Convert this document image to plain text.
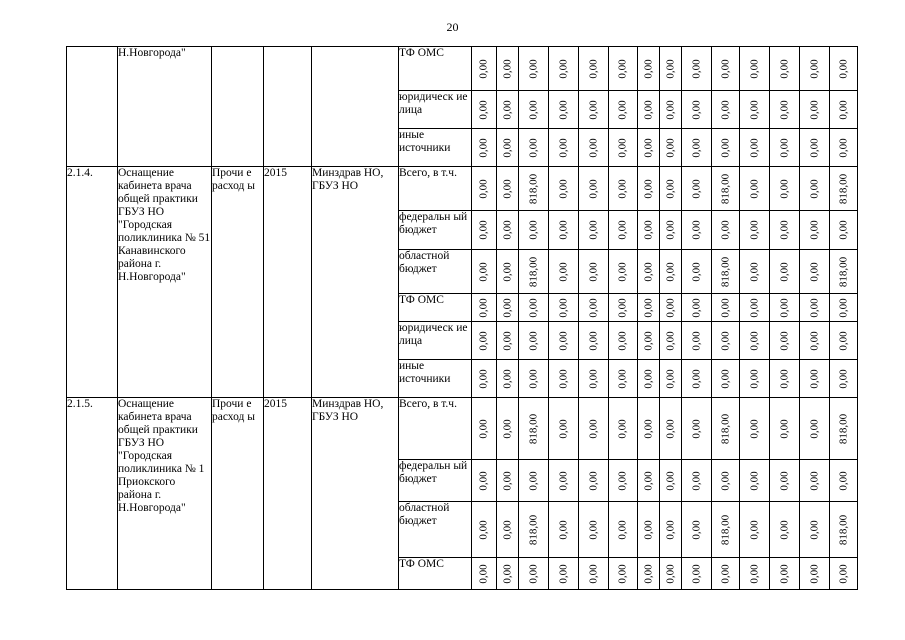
20
	Н.Новгорода"				ТФ ОМС	0,00	0,00	0,00	0,00	0,00	0,00	0,00	0,00	0,00	0,00	0,00	0,00	0,00	0,00

					юридическ ие лица	0,00	0,00	0,00	0,00	0,00	0,00	0,00	0,00	0,00	0,00	0,00	0,00	0,00	0,00

					иные источники	0,00	0,00	0,00	0,00	0,00	0,00	0,00	0,00	0,00	0,00	0,00	0,00	0,00	0,00

2.1.4.	Оснащение кабинета врача общей практики ГБУЗ НО "Городская поликлиника № 51 Канавинского района г. Н.Новгорода"	Прочи е расход ы	2015	Минздрав НО, ГБУЗ НО	Всего, в т.ч.	0,00	0,00	818,00	0,00	0,00	0,00	0,00	0,00	0,00	818,00	0,00	0,00	0,00	818,00

					федеральн ый бюджет	0,00	0,00	0,00	0,00	0,00	0,00	0,00	0,00	0,00	0,00	0,00	0,00	0,00	0,00

					областной бюджет	0,00	0,00	818,00	0,00	0,00	0,00	0,00	0,00	0,00	818,00	0,00	0,00	0,00	818,00

					ТФ ОМС	0,00	0,00	0,00	0,00	0,00	0,00	0,00	0,00	0,00	0,00	0,00	0,00	0,00	0,00

					юридическ ие лица	0,00	0,00	0,00	0,00	0,00	0,00	0,00	0,00	0,00	0,00	0,00	0,00	0,00	0,00

					иные источники	0,00	0,00	0,00	0,00	0,00	0,00	0,00	0,00	0,00	0,00	0,00	0,00	0,00	0,00

2.1.5.	Оснащение кабинета врача общей практики ГБУЗ НО "Городская поликлиника № 1 Приокского района г. Н.Новгорода"	Прочи е расход ы	2015	Минздрав НО, ГБУЗ НО	Всего, в т.ч.	0,00	0,00	818,00	0,00	0,00	0,00	0,00	0,00	0,00	818,00	0,00	0,00	0,00	818,00

					федеральн ый бюджет	0,00	0,00	0,00	0,00	0,00	0,00	0,00	0,00	0,00	0,00	0,00	0,00	0,00	0,00

					областной бюджет	0,00	0,00	818,00	0,00	0,00	0,00	0,00	0,00	0,00	818,00	0,00	0,00	0,00	818,00

					ТФ ОМС	0,00	0,00	0,00	0,00	0,00	0,00	0,00	0,00	0,00	0,00	0,00	0,00	0,00	0,00
